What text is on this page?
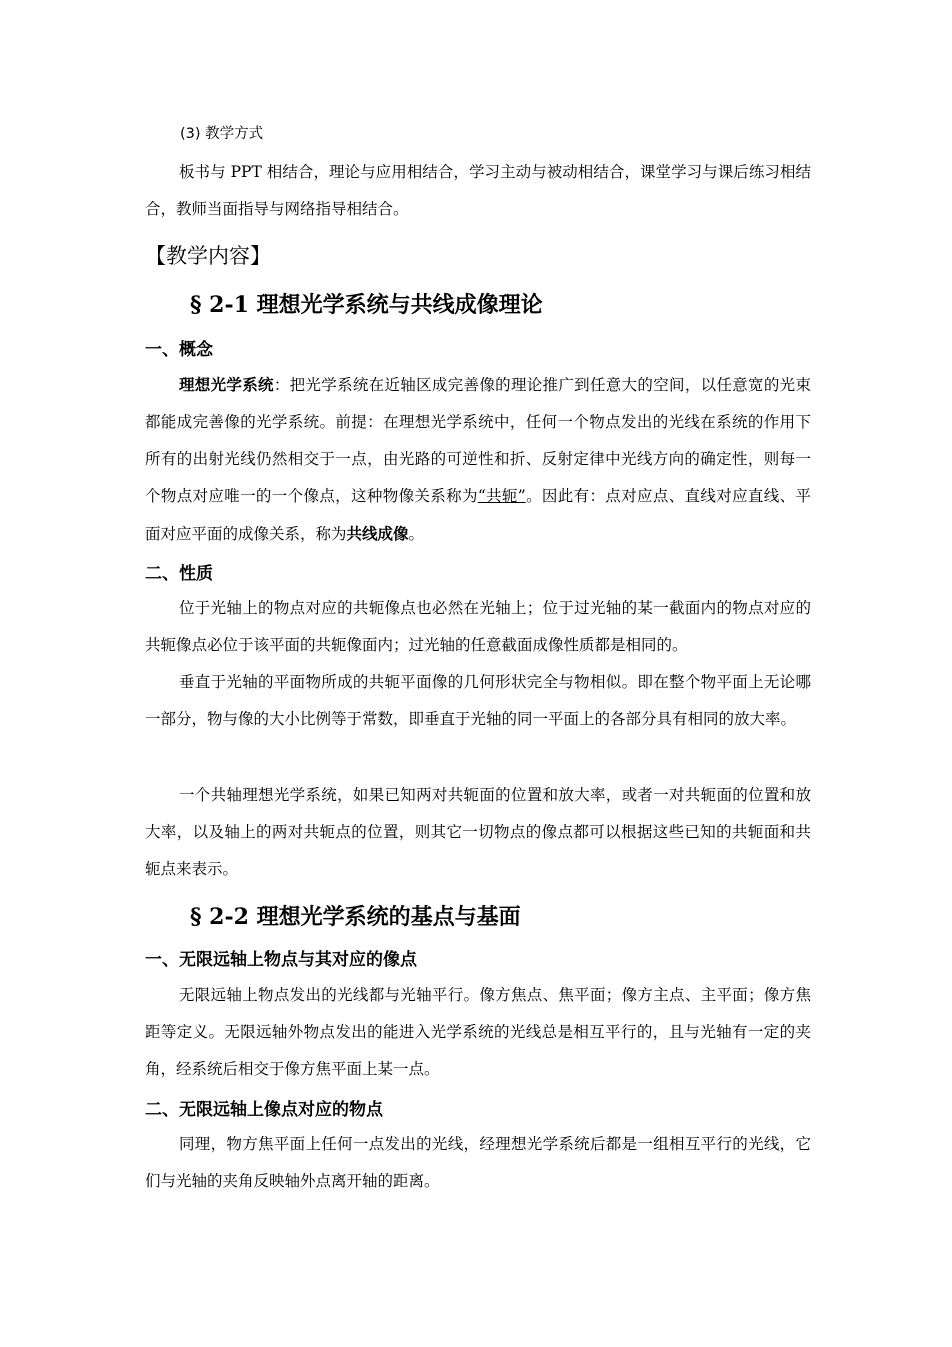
(3) 教学方式

板书与 PPT 相结合，理论与应用相结合，学习主动与被动相结合，课堂学习与课后练习相结合，教师当面指导与网络指导相结合。

【教学内容】
§ 2-1 理想光学系统与共线成像理论
一、概念

理想光学系统：把光学系统在近轴区成完善像的理论推广到任意大的空间，以任意宽的光束都能成完善像的光学系统。前提：在理想光学系统中，任何一个物点发出的光线在系统的作用下所有的出射光线仍然相交于一点，由光路的可逆性和折、反射定律中光线方向的确定性，则每一个物点对应唯一的一个像点，这种物像关系称为“共轭”。因此有：点对应点、直线对应直线、平面对应平面的成像关系，称为共线成像。

二、性质

位于光轴上的物点对应的共轭像点也必然在光轴上；位于过光轴的某一截面内的物点对应的共轭像点必位于该平面的共轭像面内；过光轴的任意截面成像性质都是相同的。

垂直于光轴的平面物所成的共轭平面像的几何形状完全与物相似。即在整个物平面上无论哪一部分，物与像的大小比例等于常数，即垂直于光轴的同一平面上的各部分具有相同的放大率。

一个共轴理想光学系统，如果已知两对共轭面的位置和放大率，或者一对共轭面的位置和放大率，以及轴上的两对共轭点的位置，则其它一切物点的像点都可以根据这些已知的共轭面和共轭点来表示。

§ 2-2 理想光学系统的基点与基面
一、无限远轴上物点与其对应的像点

无限远轴上物点发出的光线都与光轴平行。像方焦点、焦平面；像方主点、主平面；像方焦距等定义。无限远轴外物点发出的能进入光学系统的光线总是相互平行的，且与光轴有一定的夹角，经系统后相交于像方焦平面上某一点。

二、无限远轴上像点对应的物点

同理，物方焦平面上任何一点发出的光线，经理想光学系统后都是一组相互平行的光线，它们与光轴的夹角反映轴外点离开轴的距离。
